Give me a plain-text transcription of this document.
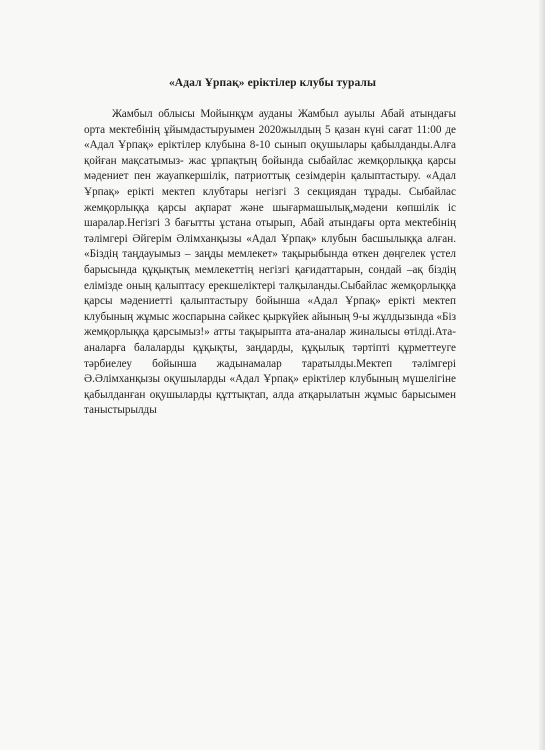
«Адал Ұрпақ» еріктілер клубы туралы

Жамбыл облысы Мойынқұм ауданы Жамбыл ауылы Абай атындағы орта мектебінің ұйымдастыруымен 2020жылдың 5 қазан күні сағат 11:00 де «Адал Ұрпақ» еріктілер клубына 8-10 сынып оқушылары қабылданды.Алға қойған мақсатымыз- жас ұрпақтың бойында сыбайлас жемқорлыққа қарсы мәдениет пен жауапкершілік, патриоттық сезімдерін қалыптастыру. «Адал Ұрпақ» ерікті мектеп клубтары негізгі 3 секциядан тұрады. Сыбайлас жемқорлыққа қарсы ақпарат және шығармашылық,мәдени көпшілік іс шаралар.Негізгі 3 бағытты ұстана отырып, Абай атындағы орта мектебінің тәлімгері Әйгерім Әлімханқызы «Адал Ұрпақ» клубын басшылыққа алған. «Біздің таңдауымыз – заңды мемлекет» тақырыбында өткен дөңгелек үстел барысында құқықтық мемлекеттің негізгі қағидаттарын, сондай –ақ біздің елімізде оның қалыптасу ерекшеліктері талқыланды.Сыбайлас жемқорлыққа қарсы мәдениетті қалыптастыру бойынша «Адал Ұрпақ» ерікті мектеп клубының жұмыс жоспарына сәйкес қыркүйек айының 9-ы жұлдызында «Біз жемқорлыққа қарсымыз!» атты тақырыпта ата-аналар жиналысы өтілді.Ата-аналарға балаларды құқықты, заңдарды, құқылық тәртіпті құрметтеуге тәрбиелеу бойынша жадынамалар таратылды.Мектеп тәлімгері Ә.Әлімханқызы оқушыларды «Адал Ұрпақ» еріктілер клубының мүшелігіне қабылданған оқушыларды құттықтап, алда атқарылатын жұмыс барысымен таныстырылды
